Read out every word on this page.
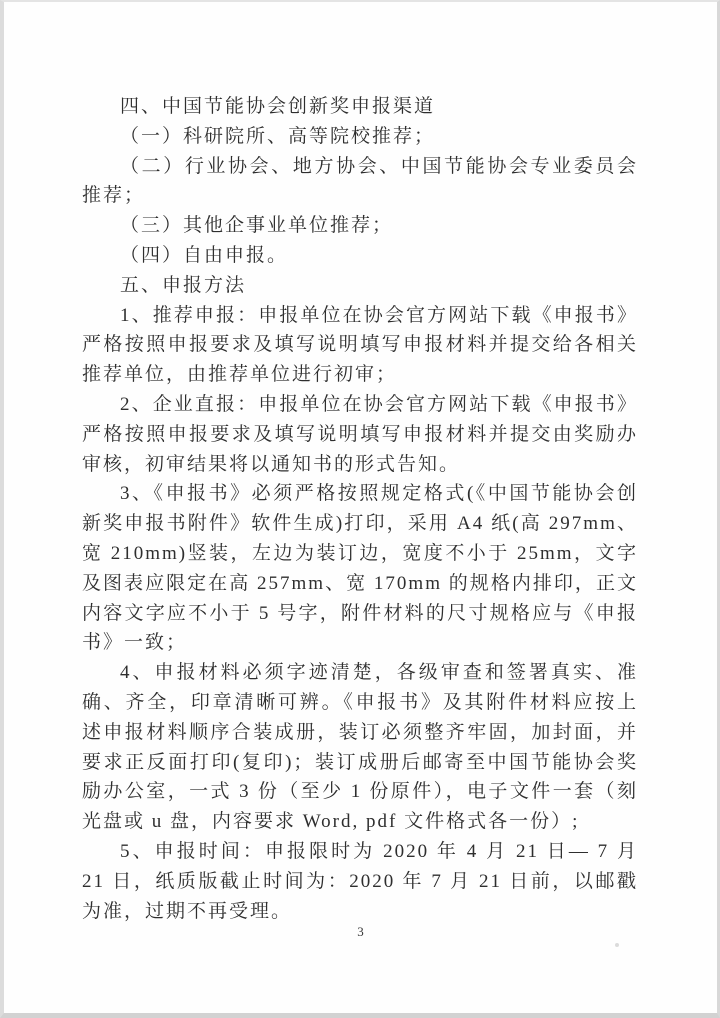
四、中国节能协会创新奖申报渠道

（一）科研院所、高等院校推荐；

（二）行业协会、地方协会、中国节能协会专业委员会推荐；

（三）其他企事业单位推荐；

（四）自由申报。

五、申报方法

1、推荐申报：申报单位在协会官方网站下载《申报书》严格按照申报要求及填写说明填写申报材料并提交给各相关推荐单位，由推荐单位进行初审；

2、企业直报：申报单位在协会官方网站下载《申报书》严格按照申报要求及填写说明填写申报材料并提交由奖励办审核，初审结果将以通知书的形式告知。

3、《申报书》必须严格按照规定格式(《中国节能协会创新奖申报书附件》软件生成)打印，采用 A4 纸(高 297mm、宽 210mm)竖装，左边为装订边，宽度不小于 25mm，文字及图表应限定在高 257mm、宽 170mm 的规格内排印，正文内容文字应不小于 5 号字，附件材料的尺寸规格应与《申报书》一致；

4、申报材料必须字迹清楚，各级审查和签署真实、准确、齐全，印章清晰可辨。《申报书》及其附件材料应按上述申报材料顺序合装成册，装订必须整齐牢固，加封面，并要求正反面打印(复印)；装订成册后邮寄至中国节能协会奖励办公室，一式 3 份（至少 1 份原件），电子文件一套（刻光盘或 u 盘，内容要求 Word, pdf 文件格式各一份）;

5、申报时间：申报限时为 2020 年 4 月 21 日— 7 月 21 日，纸质版截止时间为：2020 年 7 月 21 日前，以邮戳为准，过期不再受理。

3
